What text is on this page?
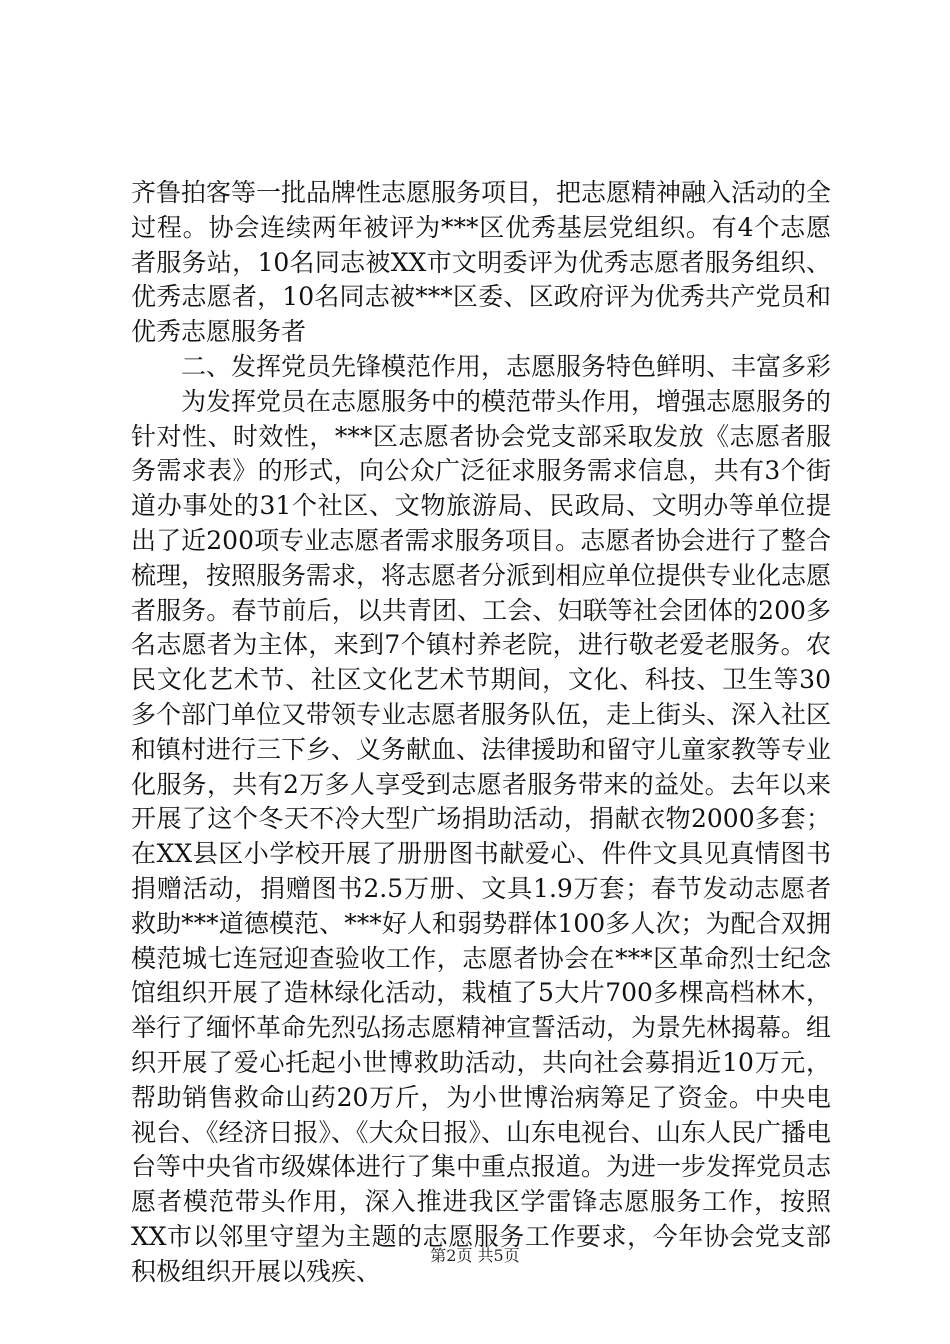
齐鲁拍客等一批品牌性志愿服务项目，把志愿精神融入活动的全过程。协会连续两年被评为***区优秀基层党组织。有4个志愿者服务站，10名同志被XX市文明委评为优秀志愿者服务组织、优秀志愿者，10名同志被***区委、区政府评为优秀共产党员和优秀志愿服务者

二、发挥党员先锋模范作用，志愿服务特色鲜明、丰富多彩

为发挥党员在志愿服务中的模范带头作用，增强志愿服务的针对性、时效性，***区志愿者协会党支部采取发放《志愿者服务需求表》的形式，向公众广泛征求服务需求信息，共有3个街道办事处的31个社区、文物旅游局、民政局、文明办等单位提出了近200项专业志愿者需求服务项目。志愿者协会进行了整合梳理，按照服务需求，将志愿者分派到相应单位提供专业化志愿者服务。春节前后，以共青团、工会、妇联等社会团体的200多名志愿者为主体，来到7个镇村养老院，进行敬老爱老服务。农民文化艺术节、社区文化艺术节期间，文化、科技、卫生等30多个部门单位又带领专业志愿者服务队伍，走上街头、深入社区和镇村进行三下乡、义务献血、法律援助和留守儿童家教等专业化服务，共有2万多人享受到志愿者服务带来的益处。去年以来开展了这个冬天不冷大型广场捐助活动，捐献衣物2000多套；在XX县区小学校开展了册册图书献爱心、件件文具见真情图书捐赠活动，捐赠图书2.5万册、文具1.9万套；春节发动志愿者救助***道德模范、***好人和弱势群体100多人次；为配合双拥模范城七连冠迎查验收工作，志愿者协会在***区革命烈士纪念馆组织开展了造林绿化活动，栽植了5大片700多棵高档林木，举行了缅怀革命先烈弘扬志愿精神宣誓活动，为景先林揭幕。组织开展了爱心托起小世博救助活动，共向社会募捐近10万元，帮助销售救命山药20万斤，为小世博治病筹足了资金。中央电视台、《经济日报》、《大众日报》、山东电视台、山东人民广播电台等中央省市级媒体进行了集中重点报道。为进一步发挥党员志愿者模范带头作用，深入推进我区学雷锋志愿服务工作，按照XX市以邻里守望为主题的志愿服务工作要求，今年协会党支部积极组织开展以残疾、

第2页 共5页
